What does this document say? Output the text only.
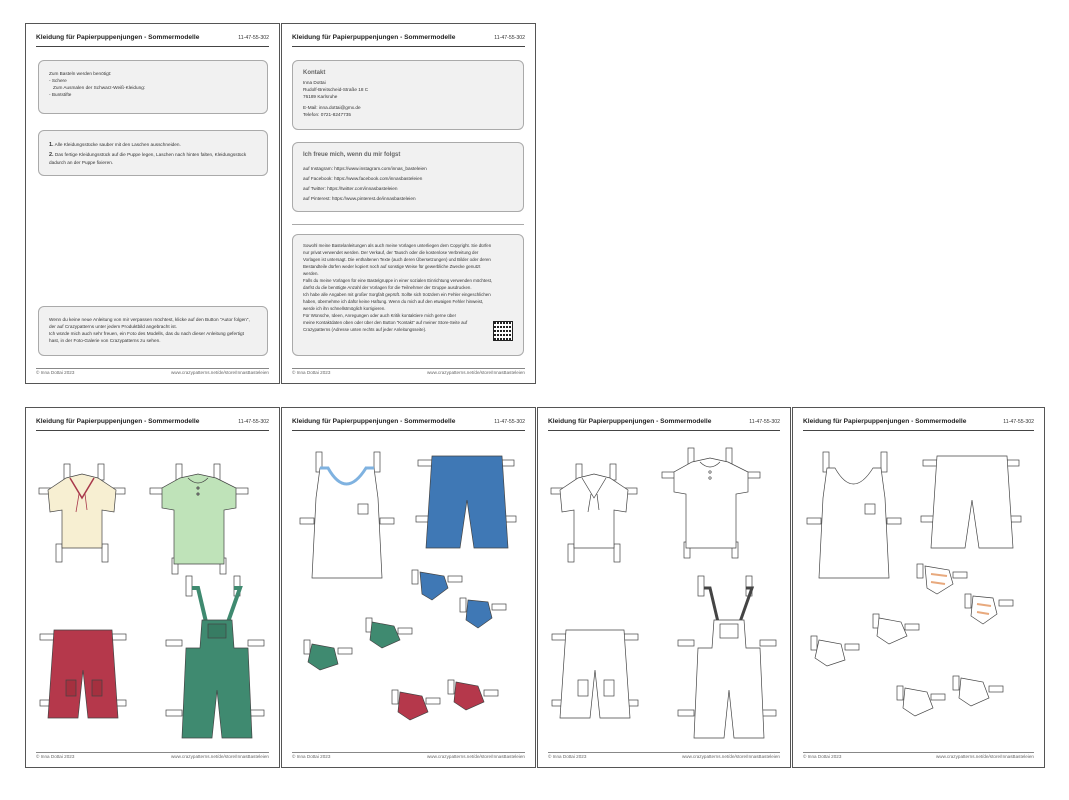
Kleidung für Papierpuppenjungen - Sommermodelle	11-47-55-302
Zum Basteln werden benötigt:
- Schere
Zum Ausmalen der Schwarz-Weiß-Kleidung:
- Buntstifte
1. Alle Kleidungsstücke sauber mit den Laschen ausschneiden.
2. Das fertige Kleidungsstück auf die Puppe legen, Laschen nach hinten falten, Kleidungsstück dadurch an der Puppe fixieren.
Wenn du keine neue Anleitung von mir verpassen möchtest, klicke auf den Button "Autor folgen",
der auf Crazypatterns unter jedem Produktbild angebracht ist.
Ich würde mich auch sehr freuen, ein Foto des Modells, das du nach dieser Anleitung gefertigt
hast, in der Foto-Galerie von Crazypatterns zu sehen.
© Inna Dottai 2023	www.crazypatterns.net/de/store/InnasBasteleien
Kleidung für Papierpuppenjungen - Sommermodelle	11-47-55-302
Kontakt
Inna Dottai
Rudolf-Breitscheid-Straße 18 C
76189 Karlsruhe
E-Mail: inna.dottai@gmx.de
Telefon: 0721-8247735
Ich freue mich, wenn du mir folgst
auf Instagram: https://www.instagram.com/innas_basteleien
auf Facebook: https://www.facebook.com/innasbasteleien
auf Twitter: https://twitter.com/innasbasteleien
auf Pinterest: https://www.pinterest.de/innasbasteleien
Sowohl meine Bastelanleitungen als auch meine Vorlagen unterliegen dem Copyright. Sie dürfen
nur privat verwendet werden. Der Verkauf, der Tausch oder die kostenlose Verbreitung der
Vorlagen ist untersagt. Die enthaltenen Texte (auch deren Übersetzungen) und Bilder oder deren
Bestandteile dürfen weder kopiert noch auf sonstige Weise für gewerbliche Zwecke genutzt
werden.
Falls du meine Vorlagen für eine Bastelgruppe in einer sozialen Einrichtung verwenden möchtest,
darfst du die benötigte Anzahl der Vorlagen für die Teilnehmer der Gruppe ausdrucken.
Ich habe alle Angaben mit großer Sorgfalt geprüft. Sollte sich trotzdem ein Fehler eingeschlichen
haben, übernehme ich dafür keine Haftung. Wenn du mich auf den etwaigen Fehler hinweist,
werde ich ihn schnellstmöglich korrigieren.
Für Wünsche, Ideen, Anregungen oder auch Kritik kontaktiere mich gerne über
meine Kontaktdaten oben oder über den Button "Kontakt" auf meiner Store-Seite auf
Crazypatterns (Adresse unten rechts auf jeder Anleitungsseite).
© Inna Dottai 2023	www.crazypatterns.net/de/store/InnasBasteleien
Kleidung für Papierpuppenjungen - Sommermodelle	11-47-55-302
© Inna Dottai 2023	www.crazypatterns.net/de/store/InnasBasteleien
Kleidung für Papierpuppenjungen - Sommermodelle	11-47-55-302
© Inna Dottai 2023	www.crazypatterns.net/de/store/InnasBasteleien
Kleidung für Papierpuppenjungen - Sommermodelle	11-47-55-302
© Inna Dottai 2023	www.crazypatterns.net/de/store/InnasBasteleien
Kleidung für Papierpuppenjungen - Sommermodelle	11-47-55-302
© Inna Dottai 2023	www.crazypatterns.net/de/store/InnasBasteleien
